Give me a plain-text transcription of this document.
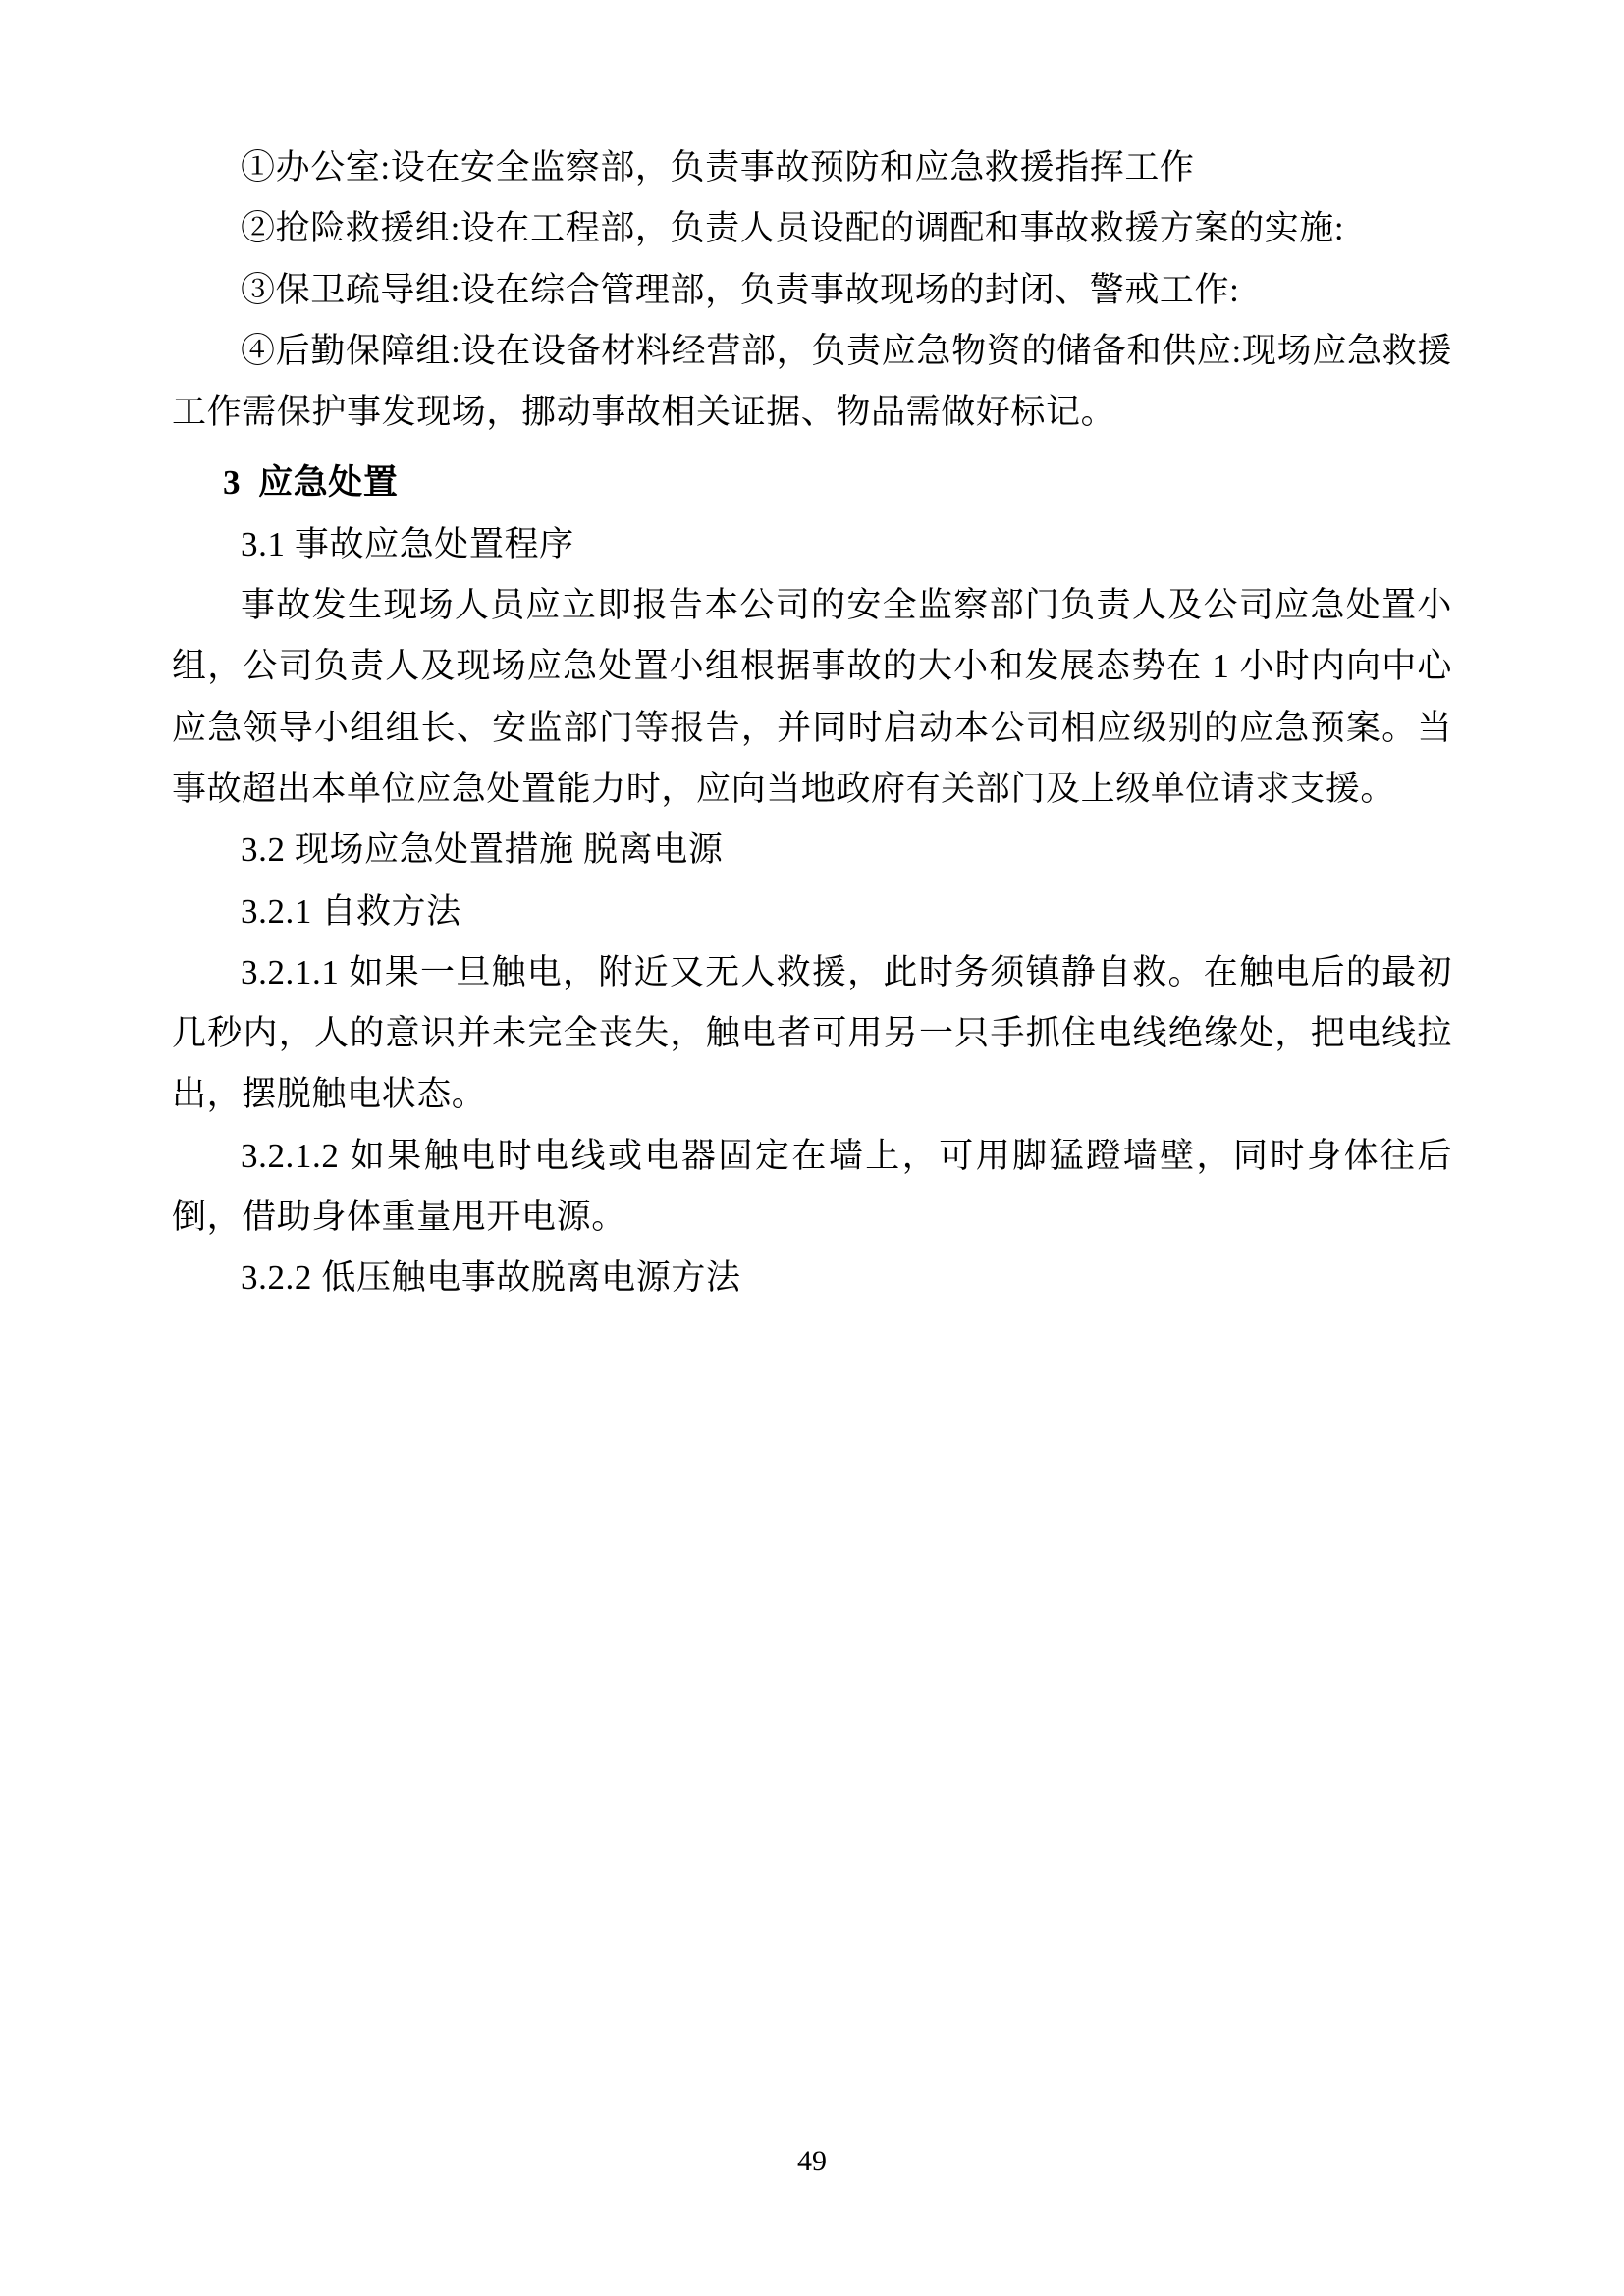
①办公室:设在安全监察部，负责事故预防和应急救援指挥工作

②抢险救援组:设在工程部，负责人员设配的调配和事故救援方案的实施:

③保卫疏导组:设在综合管理部，负责事故现场的封闭、警戒工作:

④后勤保障组:设在设备材料经营部，负责应急物资的储备和供应:现场应急救援工作需保护事发现场，挪动事故相关证据、物品需做好标记。

3 应急处置

3.1 事故应急处置程序

事故发生现场人员应立即报告本公司的安全监察部门负责人及公司应急处置小组，公司负责人及现场应急处置小组根据事故的大小和发展态势在 1 小时内向中心应急领导小组组长、安监部门等报告，并同时启动本公司相应级别的应急预案。当事故超出本单位应急处置能力时，应向当地政府有关部门及上级单位请求支援。

3.2 现场应急处置措施 脱离电源

3.2.1 自救方法

3.2.1.1 如果一旦触电，附近又无人救援，此时务须镇静自救。在触电后的最初几秒内，人的意识并未完全丧失，触电者可用另一只手抓住电线绝缘处，把电线拉出，摆脱触电状态。

3.2.1.2 如果触电时电线或电器固定在墙上，可用脚猛蹬墙壁，同时身体往后倒，借助身体重量甩开电源。

3.2.2 低压触电事故脱离电源方法

49
